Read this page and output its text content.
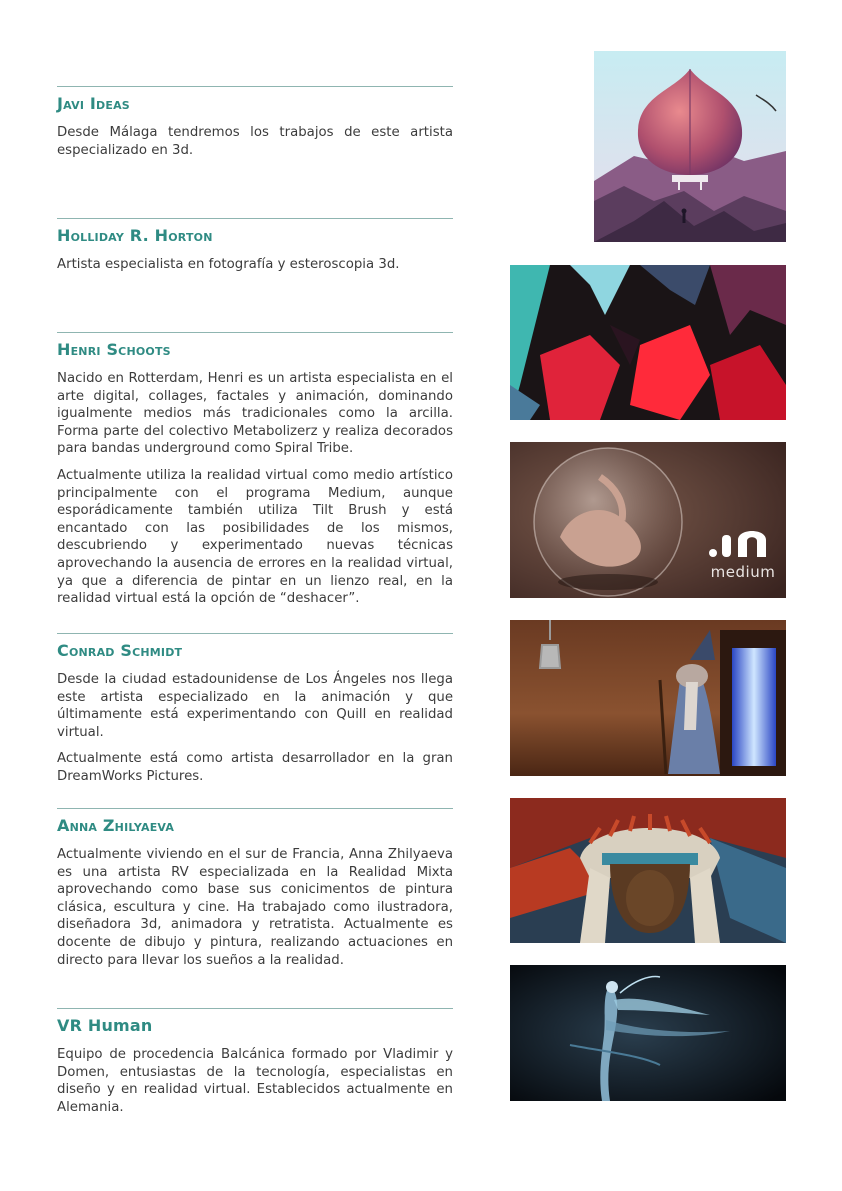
Javi Ideas

Desde Málaga tendremos los trabajos de este artista especializado en 3d.

Holliday R. Horton

Artista especialista en fotografía y esteroscopia 3d.

Henri Schoots

Nacido en Rotterdam, Henri es un artista especialista en el arte digital, collages, factales y animación, dominando igualmente medios más tradicionales como la arcilla. Forma parte del colectivo Metabolizerz y realiza decorados para bandas underground como Spiral Tribe.

Actualmente utiliza la realidad virtual como medio artístico principalmente con el programa Medium, aunque esporádicamente también utiliza Tilt Brush y está encantado con las posibilidades de los mismos, descubriendo y experimentado nuevas técnicas aprovechando la ausencia de errores en la realidad virtual, ya que a diferencia de pintar en un lienzo real, en la realidad virtual está la opción de “deshacer”.

Conrad Schmidt

Desde la ciudad estadounidense de Los Ángeles nos llega este artista especializado en la animación y que últimamente está experimentando con Quill en realidad virtual.

Actualmente está como artista desarrollador en la gran DreamWorks Pictures.

Anna Zhilyaeva

Actualmente viviendo en el sur de Francia, Anna Zhilyaeva es una artista RV especializada en la Realidad Mixta aprovechando como base sus conicimentos de pintura clásica, escultura y cine. Ha trabajado como ilustradora, diseñadora 3d, animadora y retratista. Actualmente es docente de dibujo y pintura, realizando actuaciones en directo para llevar los sueños a la realidad.

VR Human

Equipo de procedencia Balcánica formado por Vladimir y Domen, entusiastas de la tecnología, especialistas en diseño y en realidad virtual. Establecidos actualmente en Alemania.

medium
